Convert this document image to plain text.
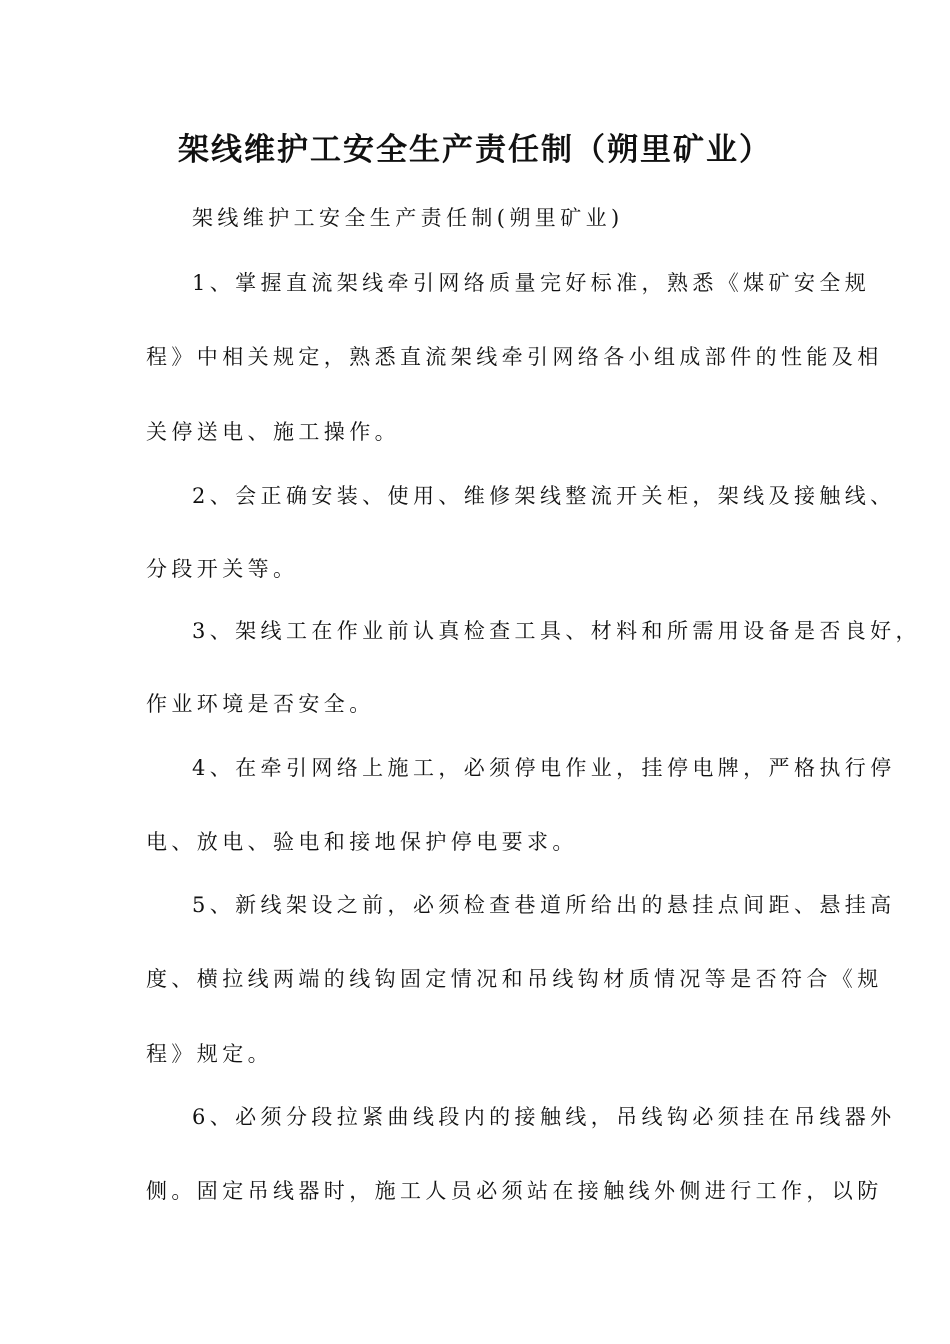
架线维护工安全生产责任制（朔里矿业）
架线维护工安全生产责任制(朔里矿业)
1、掌握直流架线牵引网络质量完好标准，熟悉《煤矿安全规
程》中相关规定，熟悉直流架线牵引网络各小组成部件的性能及相
关停送电、施工操作。
2、会正确安装、使用、维修架线整流开关柜，架线及接触线、
分段开关等。
3、架线工在作业前认真检查工具、材料和所需用设备是否良好，
作业环境是否安全。
4、在牵引网络上施工，必须停电作业，挂停电牌，严格执行停
电、放电、验电和接地保护停电要求。
5、新线架设之前，必须检查巷道所给出的悬挂点间距、悬挂高
度、横拉线两端的线钩固定情况和吊线钩材质情况等是否符合《规
程》规定。
6、必须分段拉紧曲线段内的接触线，吊线钩必须挂在吊线器外
侧。固定吊线器时，施工人员必须站在接触线外侧进行工作，以防
